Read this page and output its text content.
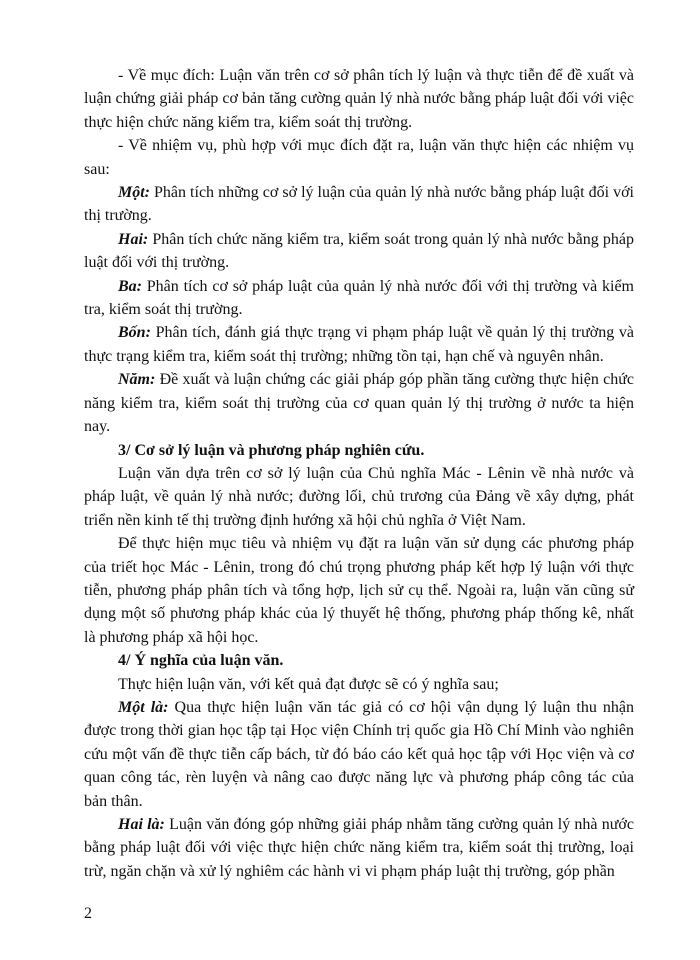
- Về mục đích: Luận văn trên cơ sở phân tích lý luận và thực tiễn để đề xuất và luận chứng giải pháp cơ bản tăng cường quản lý nhà nước bằng pháp luật đối với việc thực hiện chức năng kiểm tra, kiểm soát thị trường.

- Về nhiệm vụ, phù hợp với mục đích đặt ra, luận văn thực hiện các nhiệm vụ sau:

Một: Phân tích những cơ sở lý luận của quản lý nhà nước bằng pháp luật đối với thị trường.

Hai: Phân tích chức năng kiểm tra, kiểm soát trong quản lý nhà nước bằng pháp luật đối với thị trường.

Ba: Phân tích cơ sở pháp luật của quản lý nhà nước đối với thị trường và kiểm tra, kiểm soát thị trường.

Bốn: Phân tích, đánh giá thực trạng vi phạm pháp luật về quản lý thị trường và thực trạng kiểm tra, kiểm soát thị trường; những tồn tại, hạn chế và nguyên nhân.

Năm: Đề xuất và luận chứng các giải pháp góp phần tăng cường thực hiện chức năng kiểm tra, kiểm soát thị trường của cơ quan quản lý thị trường ở nước ta hiện nay.

3/ Cơ sở lý luận và phương pháp nghiên cứu.

Luận văn dựa trên cơ sở lý luận của Chủ nghĩa Mác - Lênin về nhà nước và pháp luật, về quản lý nhà nước; đường lối, chủ trương của Đảng về xây dựng, phát triển nền kinh tế thị trường định hướng xã hội chủ nghĩa ở Việt Nam.

Để thực hiện mục tiêu và nhiệm vụ đặt ra luận văn sử dụng các phương pháp của triết học Mác - Lênin, trong đó chú trọng phương pháp kết hợp lý luận với thực tiễn, phương pháp phân tích và tổng hợp, lịch sử cụ thể. Ngoài ra, luận văn cũng sử dụng một số phương pháp khác của lý thuyết hệ thống, phương pháp thống kê, nhất là phương pháp xã hội học.

4/ Ý nghĩa của luận văn.

Thực hiện luận văn, với kết quả đạt được sẽ có ý nghĩa sau;

Một là: Qua thực hiện luận văn tác giả có cơ hội vận dụng lý luận thu nhận được trong thời gian học tập tại Học viện Chính trị quốc gia Hồ Chí Minh vào nghiên cứu một vấn đề thực tiễn cấp bách, từ đó báo cáo kết quả học tập với Học viện và cơ quan công tác, rèn luyện và nâng cao được năng lực và phương pháp công tác của bản thân.

Hai là: Luận văn đóng góp những giải pháp nhằm tăng cường quản lý nhà nước bằng pháp luật đối với việc thực hiện chức năng kiểm tra, kiểm soát thị trường, loại trừ, ngăn chặn và xử lý nghiêm các hành vi vi phạm pháp luật thị trường, góp phần

2
